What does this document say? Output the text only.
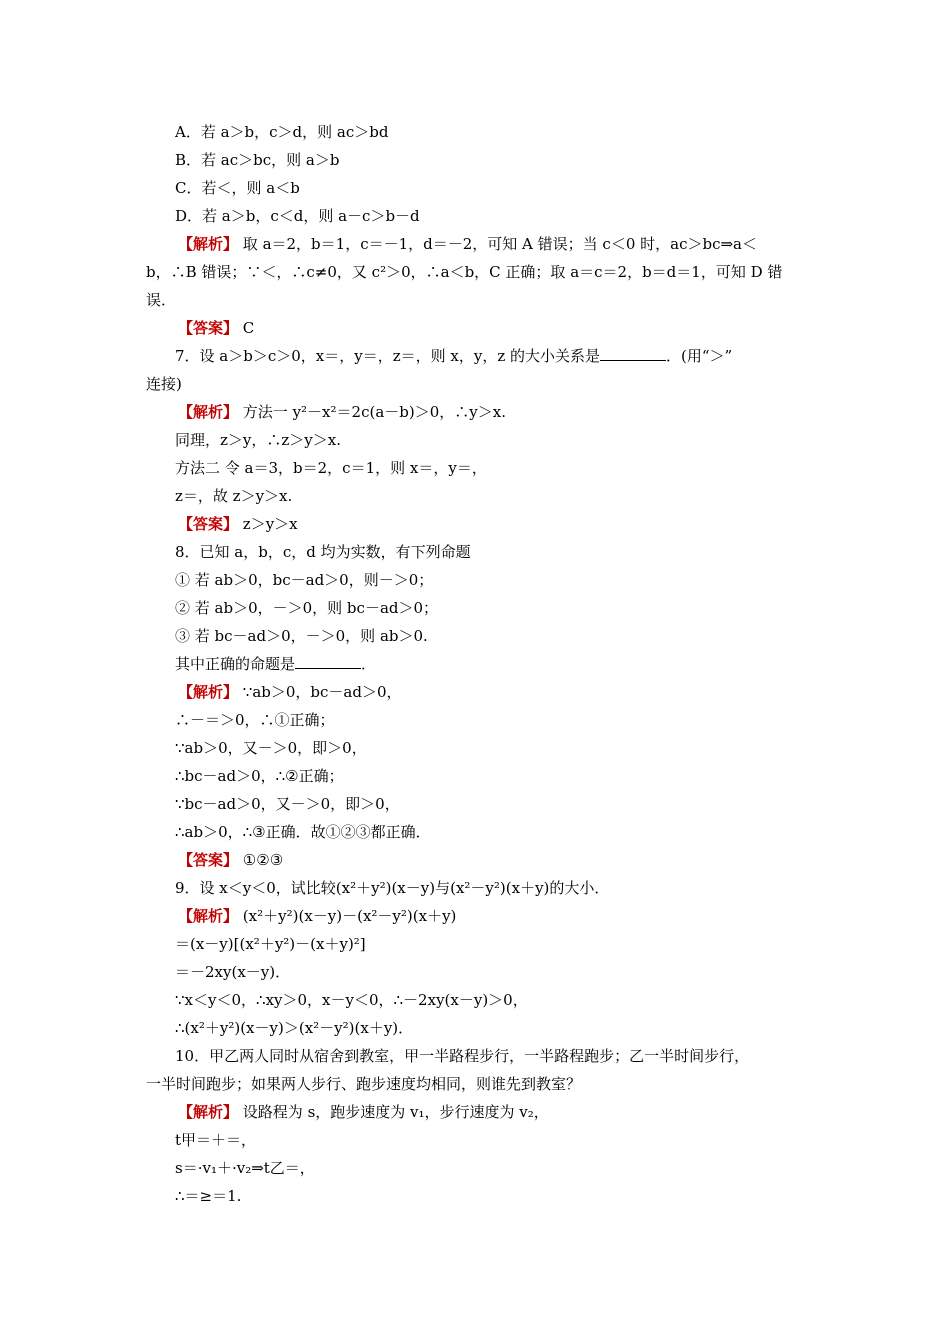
A．若 a＞b，c＞d，则 ac＞bd
B．若 ac＞bc，则 a＞b
C．若＜，则 a＜b
D．若 a＞b，c＜d，则 a－c＞b－d
【解析】 取 a＝2，b＝1，c＝－1，d＝－2，可知 A 错误；当 c＜0 时，ac＞bc⇒a＜
b，∴B 错误；∵＜，∴c≠0，又 c²＞0，∴a＜b，C 正确；取 a＝c＝2，b＝d＝1，可知 D 错
误．
【答案】 C
7．设 a＞b＞c＞0，x＝，y＝，z＝，则 x，y，z 的大小关系是	．(用“＞”
连接)
【解析】 方法一 y²－x²＝2c(a－b)＞0，∴y＞x.
同理，z＞y，∴z＞y＞x.
方法二 令 a＝3，b＝2，c＝1，则 x＝，y＝，
z＝，故 z＞y＞x.
【答案】 z＞y＞x
8．已知 a，b，c，d 均为实数，有下列命题
① 若 ab＞0，bc－ad＞0，则－＞0；
② 若 ab＞0，－＞0，则 bc－ad＞0；
③ 若 bc－ad＞0，－＞0，则 ab＞0.
其中正确的命题是	．
【解析】 ∵ab＞0，bc－ad＞0，
∴－＝＞0，∴①正确；
∵ab＞0，又－＞0，即＞0，
∴bc－ad＞0，∴②正确；
∵bc－ad＞0，又－＞0，即＞0，
∴ab＞0，∴③正确．故①②③都正确．
【答案】 ①②③
9．设 x＜y＜0，试比较(x²＋y²)(x－y)与(x²－y²)(x＋y)的大小．
【解析】 (x²＋y²)(x－y)－(x²－y²)(x＋y)
＝(x－y)[(x²＋y²)－(x＋y)²]
＝－2xy(x－y)．
∵x＜y＜0，∴xy＞0，x－y＜0，∴－2xy(x－y)＞0，
∴(x²＋y²)(x－y)＞(x²－y²)(x＋y)．
10．甲乙两人同时从宿舍到教室，甲一半路程步行，一半路程跑步；乙一半时间步行，
一半时间跑步；如果两人步行、跑步速度均相同，则谁先到教室？
【解析】 设路程为 s，跑步速度为 v₁，步行速度为 v₂，
t甲＝＋＝，
s＝·v₁＋·v₂⇒t乙＝，
∴＝≥＝1.
